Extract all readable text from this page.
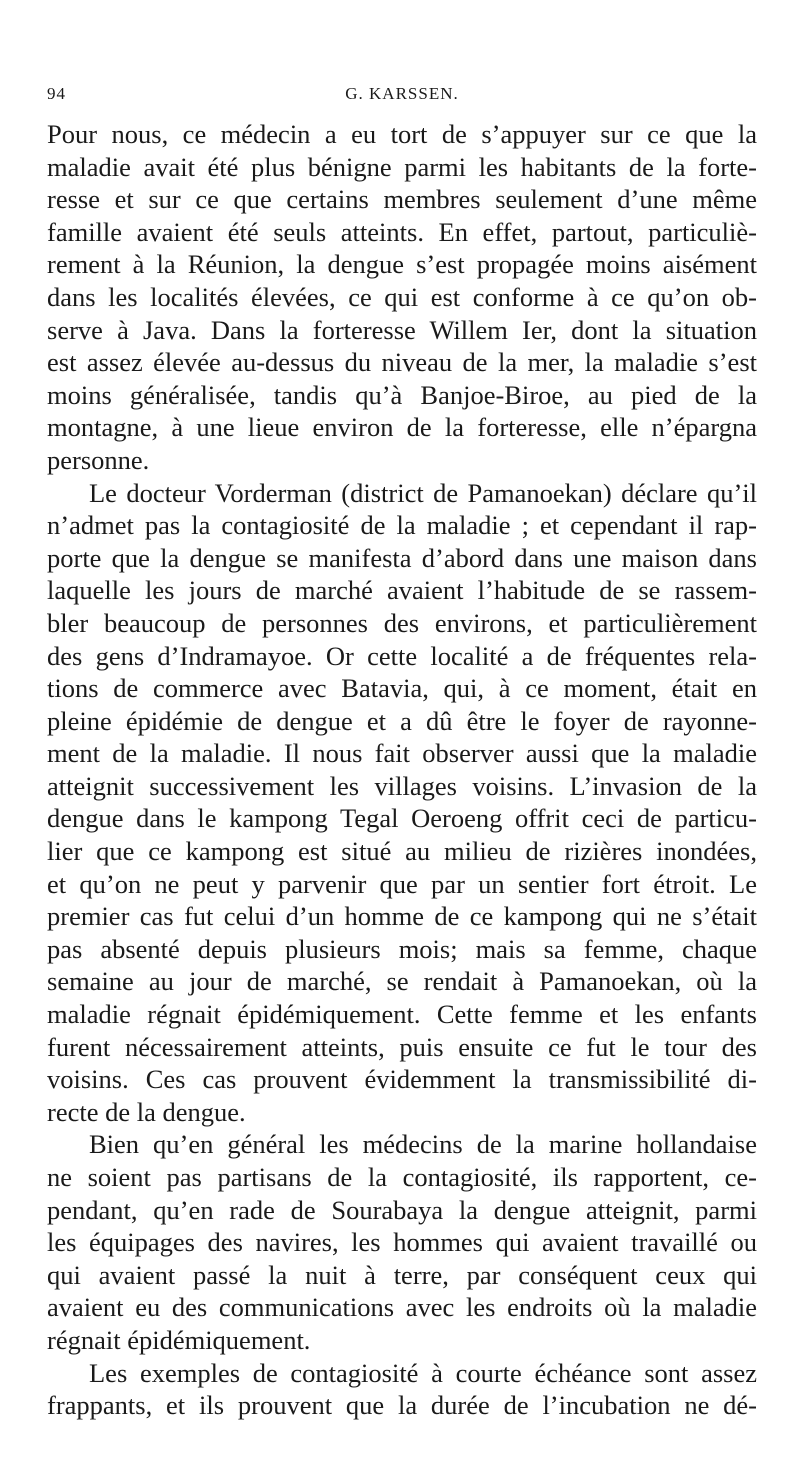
94	G. KARSSEN.
Pour nous, ce médecin a eu tort de s’appuyer sur ce que la
maladie avait été plus bénigne parmi les habitants de la forte-
resse et sur ce que certains membres seulement d’une même
famille avaient été seuls atteints. En effet, partout, particuliè-
rement à la Réunion, la dengue s’est propagée moins aisément
dans les localités élevées, ce qui est conforme à ce qu’on ob-
serve à Java. Dans la forteresse Willem Ier, dont la situation
est assez élevée au-dessus du niveau de la mer, la maladie s’est
moins généralisée, tandis qu’à Banjoe-Biroe, au pied de la
montagne, à une lieue environ de la forteresse, elle n’épargna
personne.
Le docteur Vorderman (district de Pamanoekan) déclare qu’il
n’admet pas la contagiosité de la maladie ; et cependant il rap-
porte que la dengue se manifesta d’abord dans une maison dans
laquelle les jours de marché avaient l’habitude de se rassem-
bler beaucoup de personnes des environs, et particulièrement
des gens d’Indramayoe. Or cette localité a de fréquentes rela-
tions de commerce avec Batavia, qui, à ce moment, était en
pleine épidémie de dengue et a dû être le foyer de rayonne-
ment de la maladie. Il nous fait observer aussi que la maladie
atteignit successivement les villages voisins. L’invasion de la
dengue dans le kampong Tegal Oeroeng offrit ceci de particu-
lier que ce kampong est situé au milieu de rizières inondées,
et qu’on ne peut y parvenir que par un sentier fort étroit. Le
premier cas fut celui d’un homme de ce kampong qui ne s’était
pas absenté depuis plusieurs mois; mais sa femme, chaque
semaine au jour de marché, se rendait à Pamanoekan, où la
maladie régnait épidémiquement. Cette femme et les enfants
furent nécessairement atteints, puis ensuite ce fut le tour des
voisins. Ces cas prouvent évidemment la transmissibilité di-
recte de la dengue.
Bien qu’en général les médecins de la marine hollandaise
ne soient pas partisans de la contagiosité, ils rapportent, ce-
pendant, qu’en rade de Sourabaya la dengue atteignit, parmi
les équipages des navires, les hommes qui avaient travaillé ou
qui avaient passé la nuit à terre, par conséquent ceux qui
avaient eu des communications avec les endroits où la maladie
régnait épidémiquement.
Les exemples de contagiosité à courte échéance sont assez
frappants, et ils prouvent que la durée de l’incubation ne dé-
